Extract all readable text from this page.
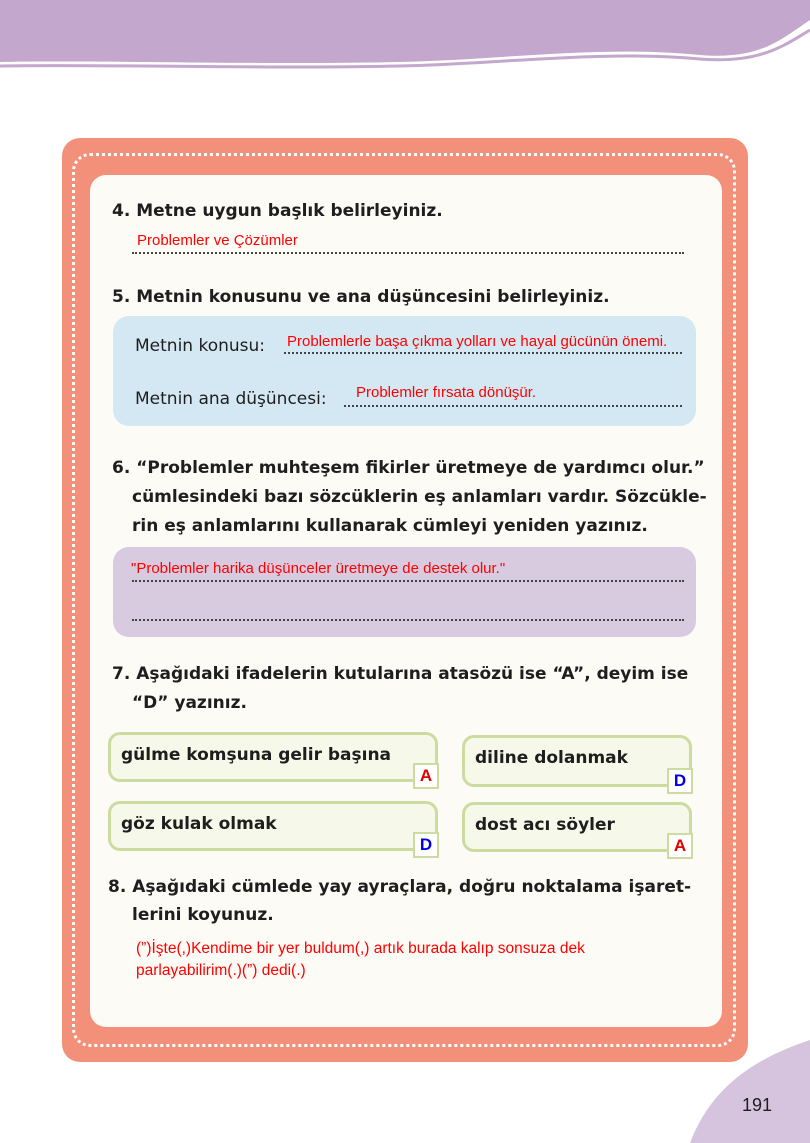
191
4. Metne uygun başlık belirleyiniz.
Problemler ve Çözümler
5. Metnin konusunu ve ana düşüncesini belirleyiniz.
Metnin konusu: Problemlerle başa çıkma yolları ve hayal gücünün önemi.
Metnin ana düşüncesi: Problemler fırsata dönüşür.
6. “Problemler muhteşem fikirler üretmeye de yardımcı olur.”
cümlesindeki bazı sözcüklerin eş anlamları vardır. Sözcükle-
rin eş anlamlarını kullanarak cümleyi yeniden yazınız.
"Problemler harika düşünceler üretmeye de destek olur."
7. Aşağıdaki ifadelerin kutularına atasözü ise “A”, deyim ise
“D” yazınız.
gülme komşuna gelir başına
A
diline dolanmak
D
göz kulak olmak
D
dost acı söyler
A
8. Aşağıdaki cümlede yay ayraçlara, doğru noktalama işaret-
lerini koyunuz.
(”)İşte(,)Kendime bir yer buldum(,) artık burada kalıp sonsuza dek
parlayabilirim(.)(”) dedi(.)
